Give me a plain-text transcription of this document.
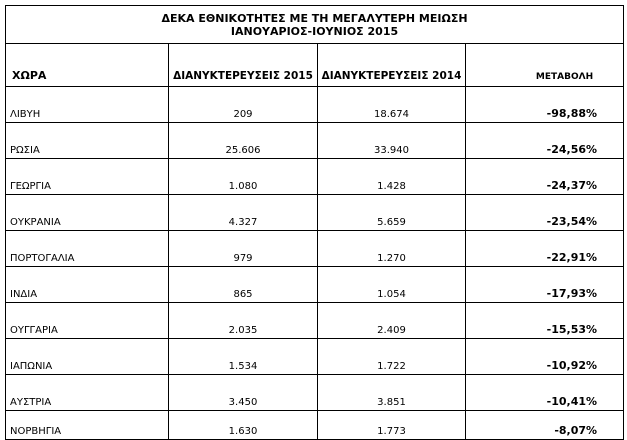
ΔΕΚΑ ΕΘΝΙΚΟΤΗΤΕΣ ΜΕ ΤΗ ΜΕΓΑΛΥΤΕΡΗ ΜΕΙΩΣΗ
ΙΑΝΟΥΑΡΙΟΣ-ΙΟΥΝΙΟΣ 2015			

ΧΩΡΑ	ΔΙΑΝΥΚΤΕΡΕΥΣΕΙΣ 2015	ΔΙΑΝΥΚΤΕΡΕΥΣΕΙΣ 2014	ΜΕΤΑΒΟΛΗ
ΛΙΒΥΗ	209	18.674	-98,88%
ΡΩΣΙΑ	25.606	33.940	-24,56%
ΓΕΩΡΓΙΑ	1.080	1.428	-24,37%
ΟΥΚΡΑΝΙΑ	4.327	5.659	-23,54%
ΠΟΡΤΟΓΑΛΙΑ	979	1.270	-22,91%
ΙΝΔΙΑ	865	1.054	-17,93%
ΟΥΓΓΑΡΙΑ	2.035	2.409	-15,53%
ΙΑΠΩΝΙΑ	1.534	1.722	-10,92%
ΑΥΣΤΡΙΑ	3.450	3.851	-10,41%
ΝΟΡΒΗΓΙΑ	1.630	1.773	-8,07%
